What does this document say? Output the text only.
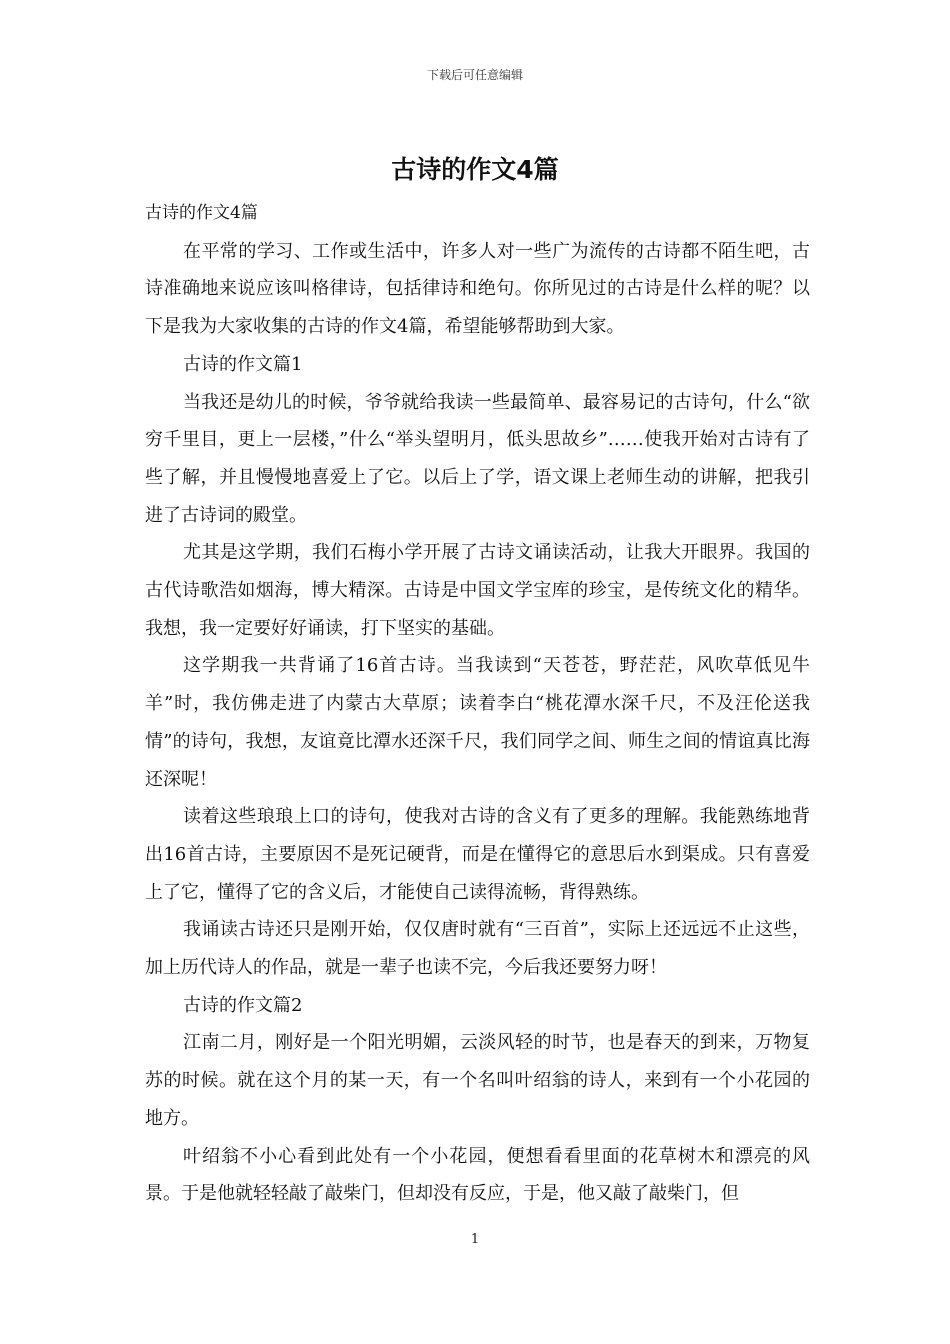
下载后可任意编辑
古诗的作文4篇

古诗的作文4篇

在平常的学习、工作或生活中，许多人对一些广为流传的古诗都不陌生吧，古诗准确地来说应该叫格律诗，包括律诗和绝句。你所见过的古诗是什么样的呢？以下是我为大家收集的古诗的作文4篇，希望能够帮助到大家。

古诗的作文篇1

当我还是幼儿的时候，爷爷就给我读一些最简单、最容易记的古诗句，什么“欲穷千里目，更上一层楼，”什么“举头望明月，低头思故乡”……使我开始对古诗有了些了解，并且慢慢地喜爱上了它。以后上了学，语文课上老师生动的讲解，把我引进了古诗词的殿堂。

尤其是这学期，我们石梅小学开展了古诗文诵读活动，让我大开眼界。我国的古代诗歌浩如烟海，博大精深。古诗是中国文学宝库的珍宝，是传统文化的精华。我想，我一定要好好诵读，打下坚实的基础。

这学期我一共背诵了16首古诗。当我读到“天苍苍，野茫茫，风吹草低见牛羊”时，我仿佛走进了内蒙古大草原；读着李白“桃花潭水深千尺，不及汪伦送我情”的诗句，我想，友谊竟比潭水还深千尺，我们同学之间、师生之间的情谊真比海还深呢！

读着这些琅琅上口的诗句，使我对古诗的含义有了更多的理解。我能熟练地背出16首古诗，主要原因不是死记硬背，而是在懂得它的意思后水到渠成。只有喜爱上了它，懂得了它的含义后，才能使自己读得流畅，背得熟练。

我诵读古诗还只是刚开始，仅仅唐时就有“三百首”，实际上还远远不止这些，加上历代诗人的作品，就是一辈子也读不完，今后我还要努力呀！

古诗的作文篇2

江南二月，刚好是一个阳光明媚，云淡风轻的时节，也是春天的到来，万物复苏的时候。就在这个月的某一天，有一个名叫叶绍翁的诗人，来到有一个小花园的地方。

叶绍翁不小心看到此处有一个小花园，便想看看里面的花草树木和漂亮的风景。于是他就轻轻敲了敲柴门，但却没有反应，于是，他又敲了敲柴门，但

1
